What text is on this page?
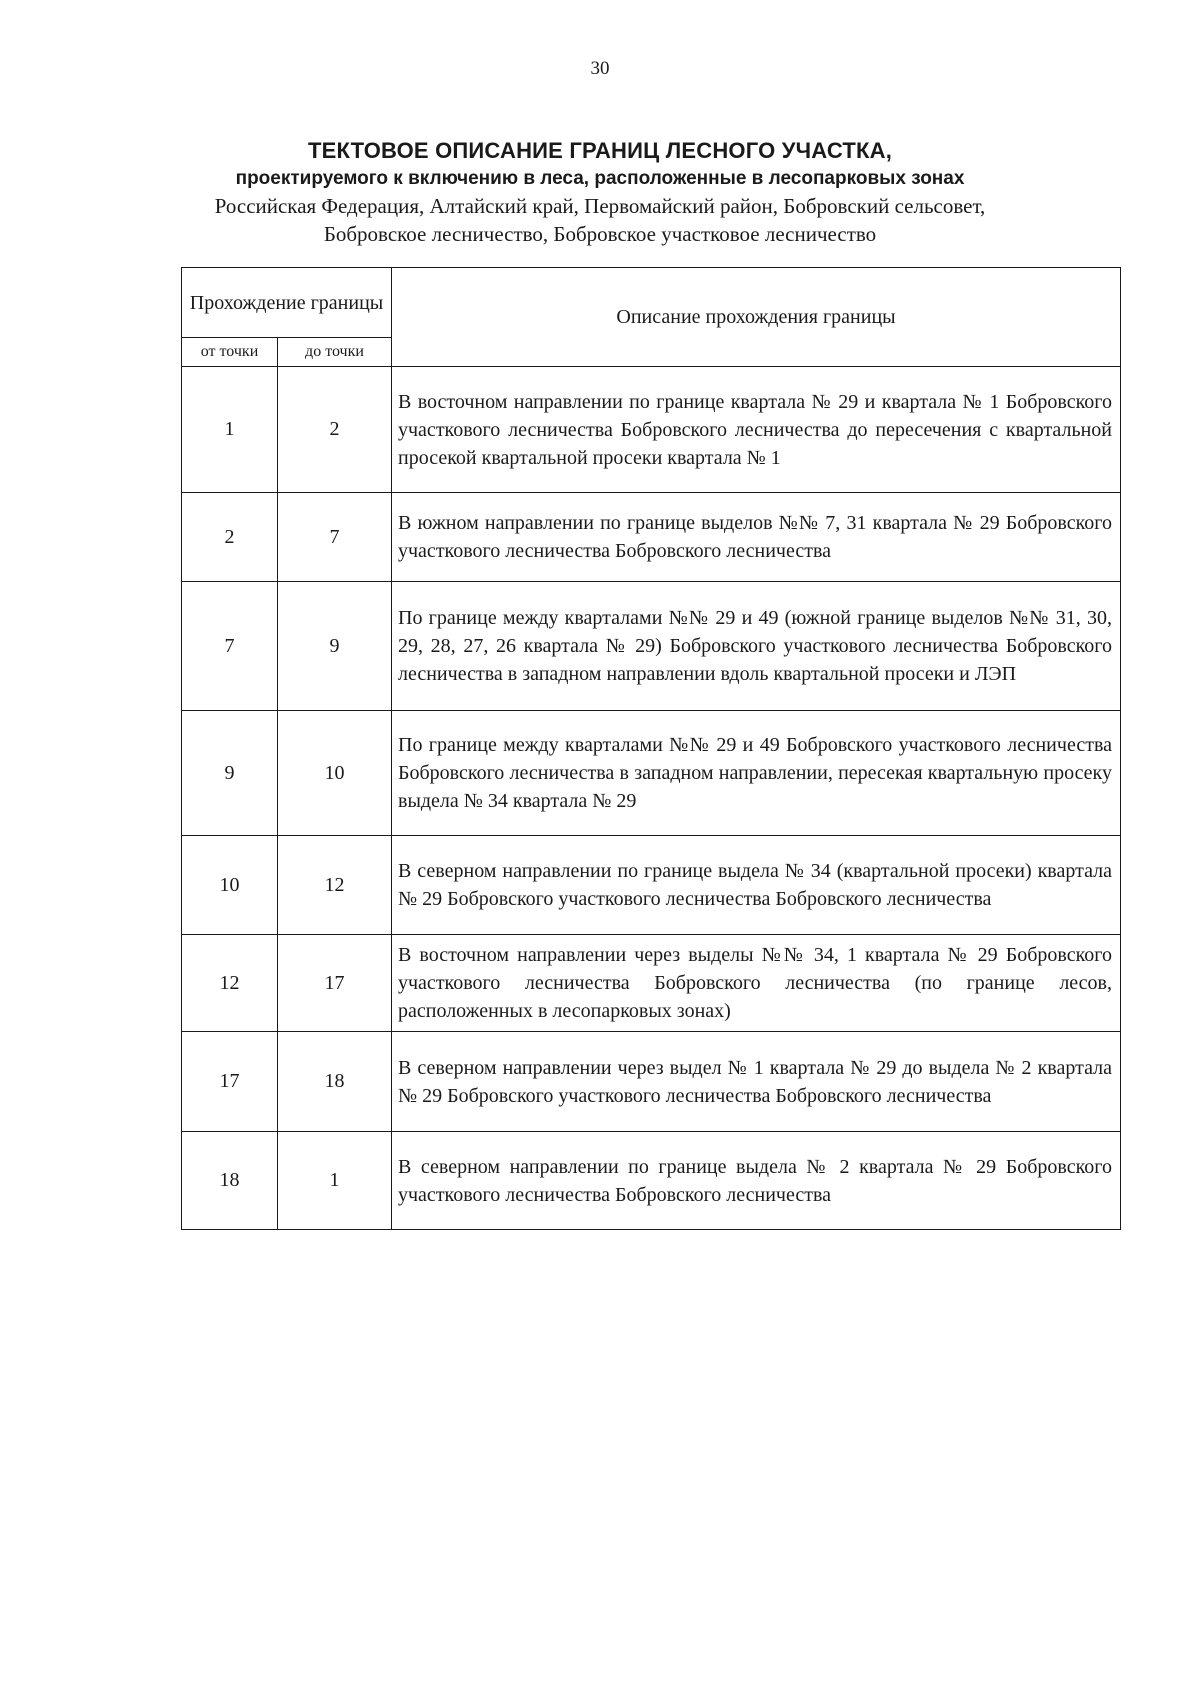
30
ТЕКТОВОЕ ОПИСАНИЕ ГРАНИЦ ЛЕСНОГО УЧАСТКА,
проектируемого к включению в леса, расположенные в лесопарковых зонах
Российская Федерация, Алтайский край, Первомайский район, Бобровский сельсовет,
Бобровское лесничество, Бобровское участковое лесничество
Прохождение границы		Описание прохождения границы
от точки	до точки	
1	2	В восточном направлении по границе квартала № 29 и квартала № 1 Бобровского участкового лесничества Бобровского лесничества до пересечения с квартальной просекой квартальной просеки квартала № 1
2	7	В южном направлении по границе выделов №№ 7, 31 квартала № 29 Бобровского участкового лесничества Бобровского лесничества
7	9	По границе между кварталами №№ 29 и 49 (южной границе выделов №№ 31, 30, 29, 28, 27, 26 квартала № 29) Бобровского участкового лесничества Бобровского лесничества в западном направлении вдоль квартальной просеки и ЛЭП
9	10	По границе между кварталами №№ 29 и 49 Бобровского участкового лесничества Бобровского лесничества в западном направлении, пересекая квартальную просеку выдела № 34 квартала № 29
10	12	В северном направлении по границе выдела № 34 (квартальной просеки) квартала № 29 Бобровского участкового лесничества Бобровского лесничества
12	17	В восточном направлении через выделы №№ 34, 1 квартала № 29 Бобровского участкового лесничества Бобровского лесничества (по границе лесов, расположенных в лесопарковых зонах)
17	18	В северном направлении через выдел № 1 квартала № 29 до выдела № 2 квартала № 29 Бобровского участкового лесничества Бобровского лесничества
18	1	В северном направлении по границе выдела № 2 квартала № 29 Бобровского участкового лесничества Бобровского лесничества
